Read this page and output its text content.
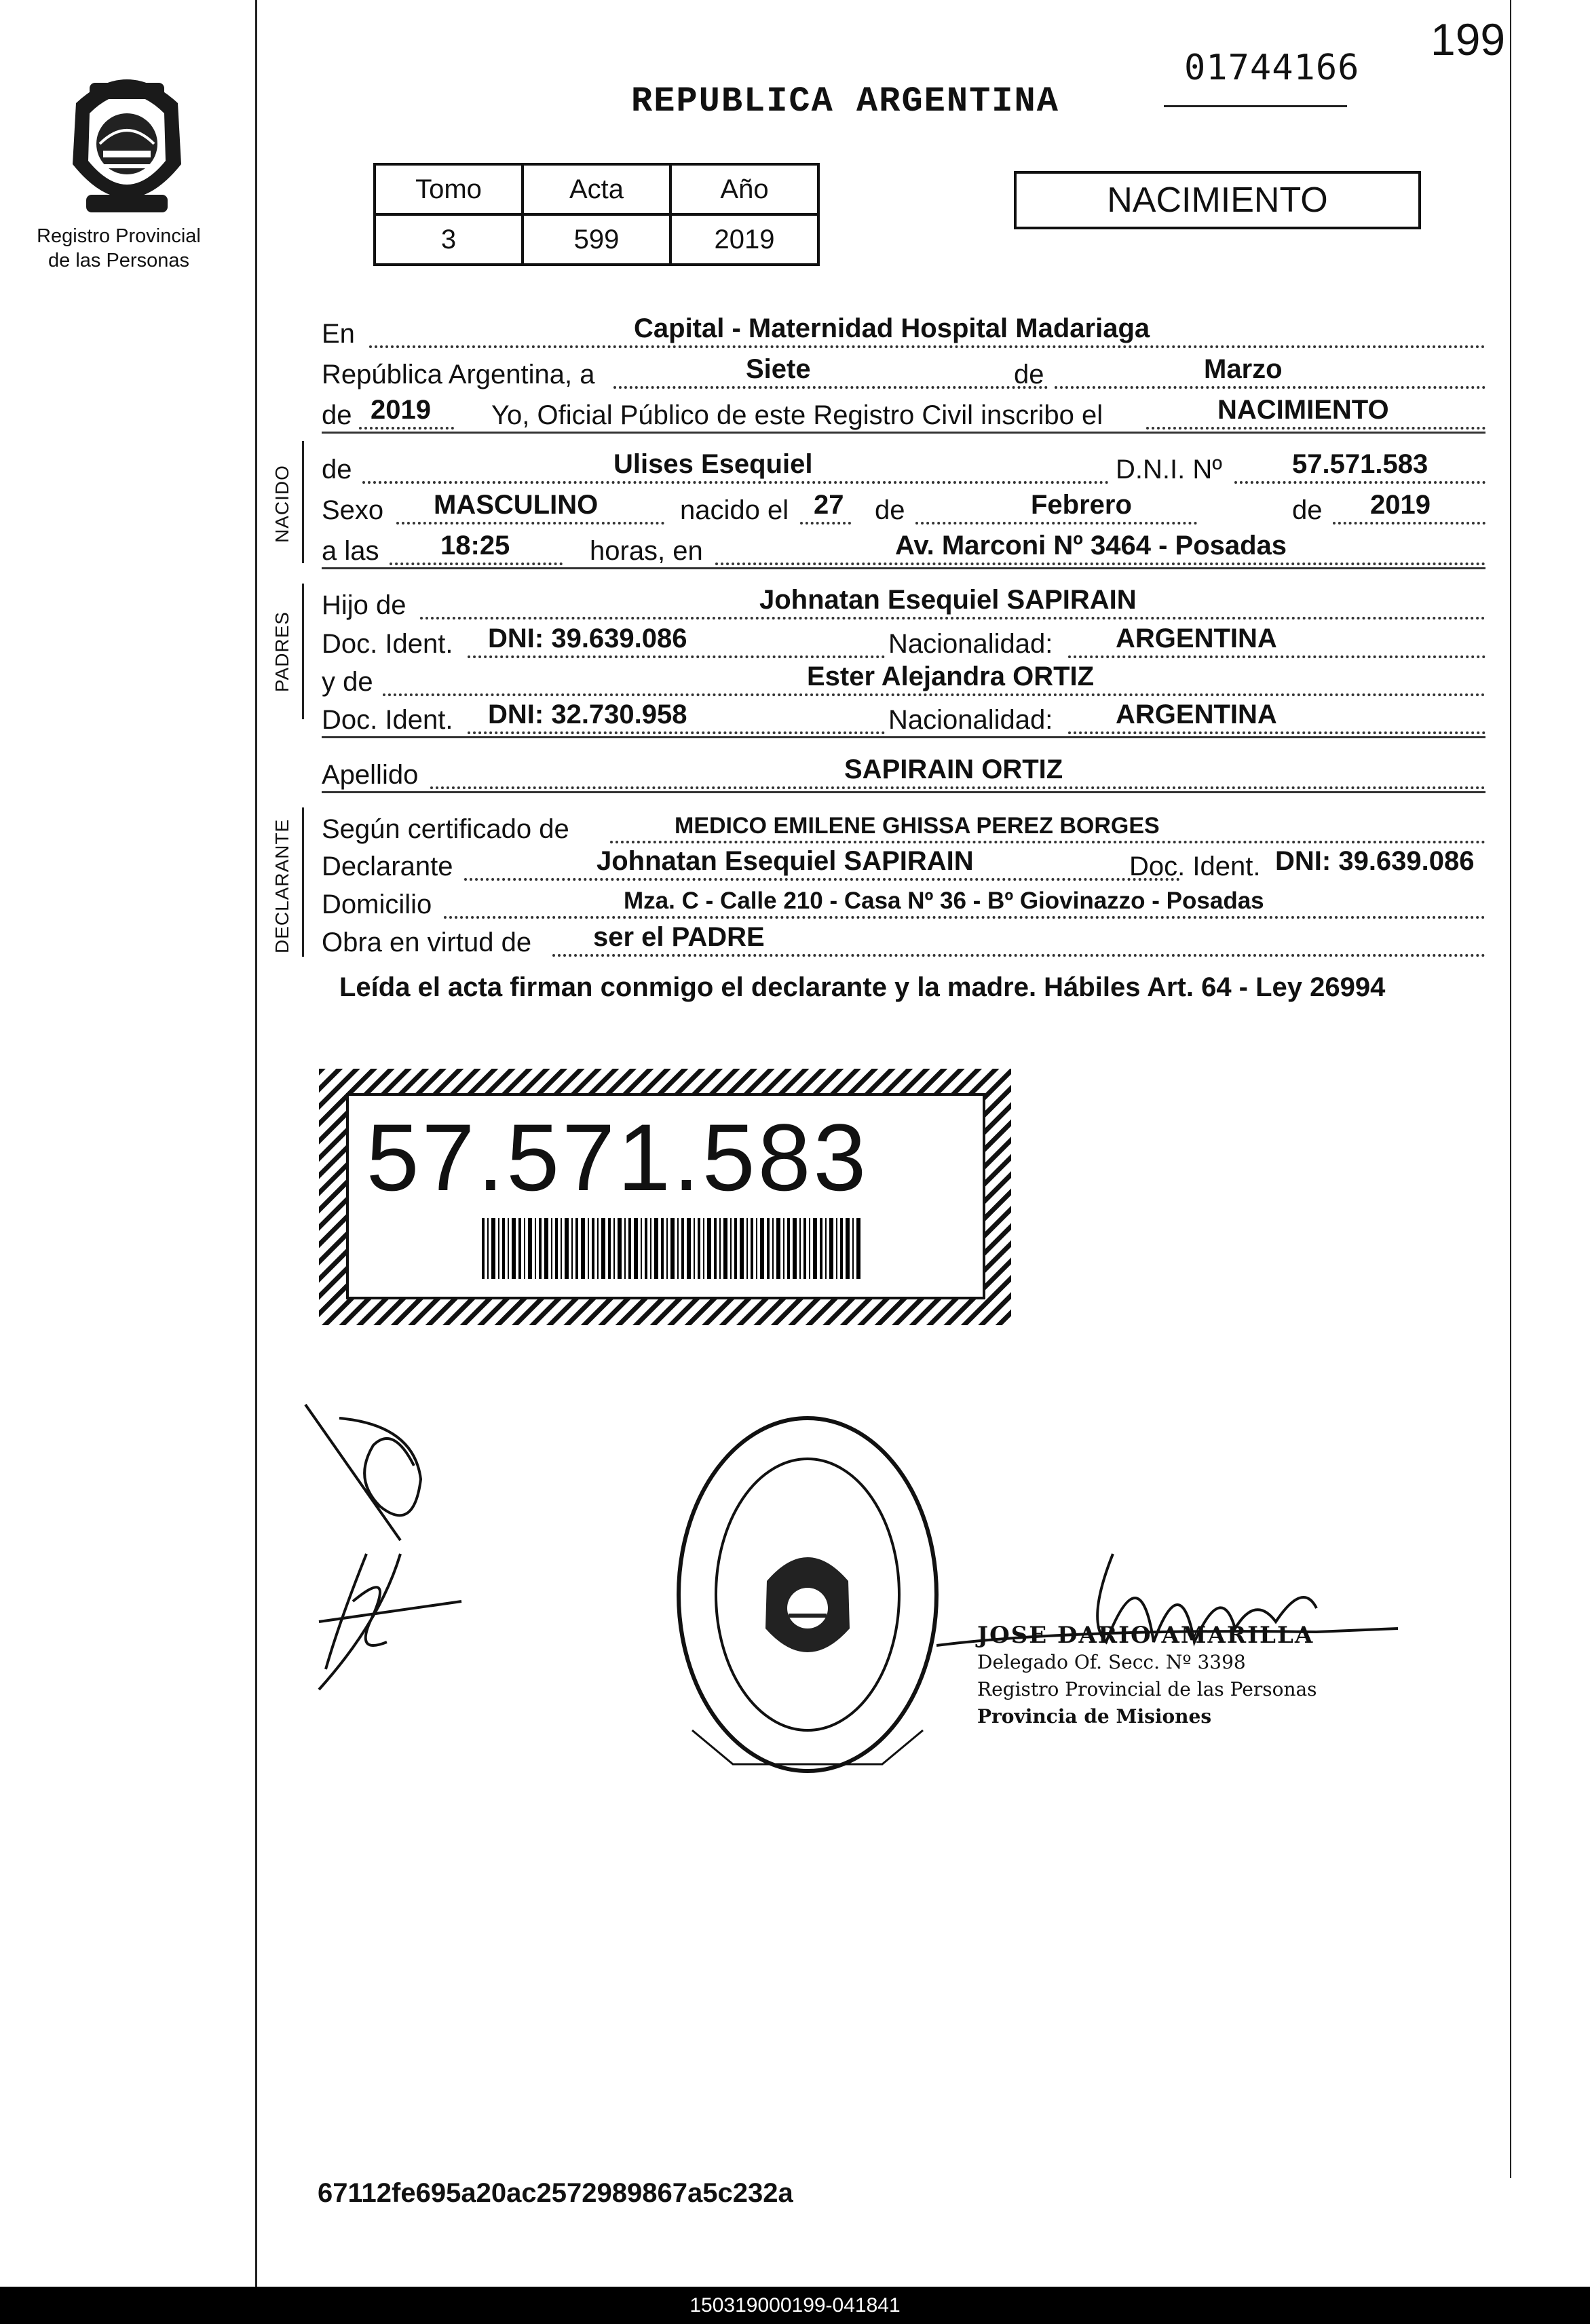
199
01744166
REPUBLICA ARGENTINA
Registro Provincial
de las Personas
Tomo	Acta	Año
3	599	2019
NACIMIENTO
En	Capital - Maternidad Hospital Madariaga
República Argentina, a	Siete	de	Marzo
de 2019 Yo, Oficial Público de este Registro Civil inscribo el	NACIMIENTO
NACIDO de	Ulises Esequiel	D.N.I. Nº	57.571.583
Sexo MASCULINO	nacido el 27 de	Febrero	de 2019
a las 18:25	horas, en	Av. Marconi Nº 3464 - Posadas
PADRES
Hijo de	Johnatan Esequiel SAPIRAIN
Doc. Ident. DNI: 39.639.086	Nacionalidad: ARGENTINA
y de	Ester Alejandra ORTIZ
Doc. Ident. DNI: 32.730.958	Nacionalidad: ARGENTINA
Apellido	SAPIRAIN ORTIZ
DECLARANTE Según certificado de	MEDICO EMILENE GHISSA PEREZ BORGES
Declarante	Johnatan Esequiel SAPIRAIN	Doc. Ident. DNI: 39.639.086
Domicilio	Mza. C - Calle 210 - Casa Nº 36 - Bº Giovinazzo - Posadas
Obra en virtud de ser el PADRE
Leída el acta firman conmigo el declarante y la madre. Hábiles Art. 64 - Ley 26994
57.571.583
JOSE DARIO AMARILLA
Delegado Of. Secc. Nº 3398
Registro Provincial de las Personas
Provincia de Misiones
67112fe695a20ac2572989867a5c232a
150319000199-041841
